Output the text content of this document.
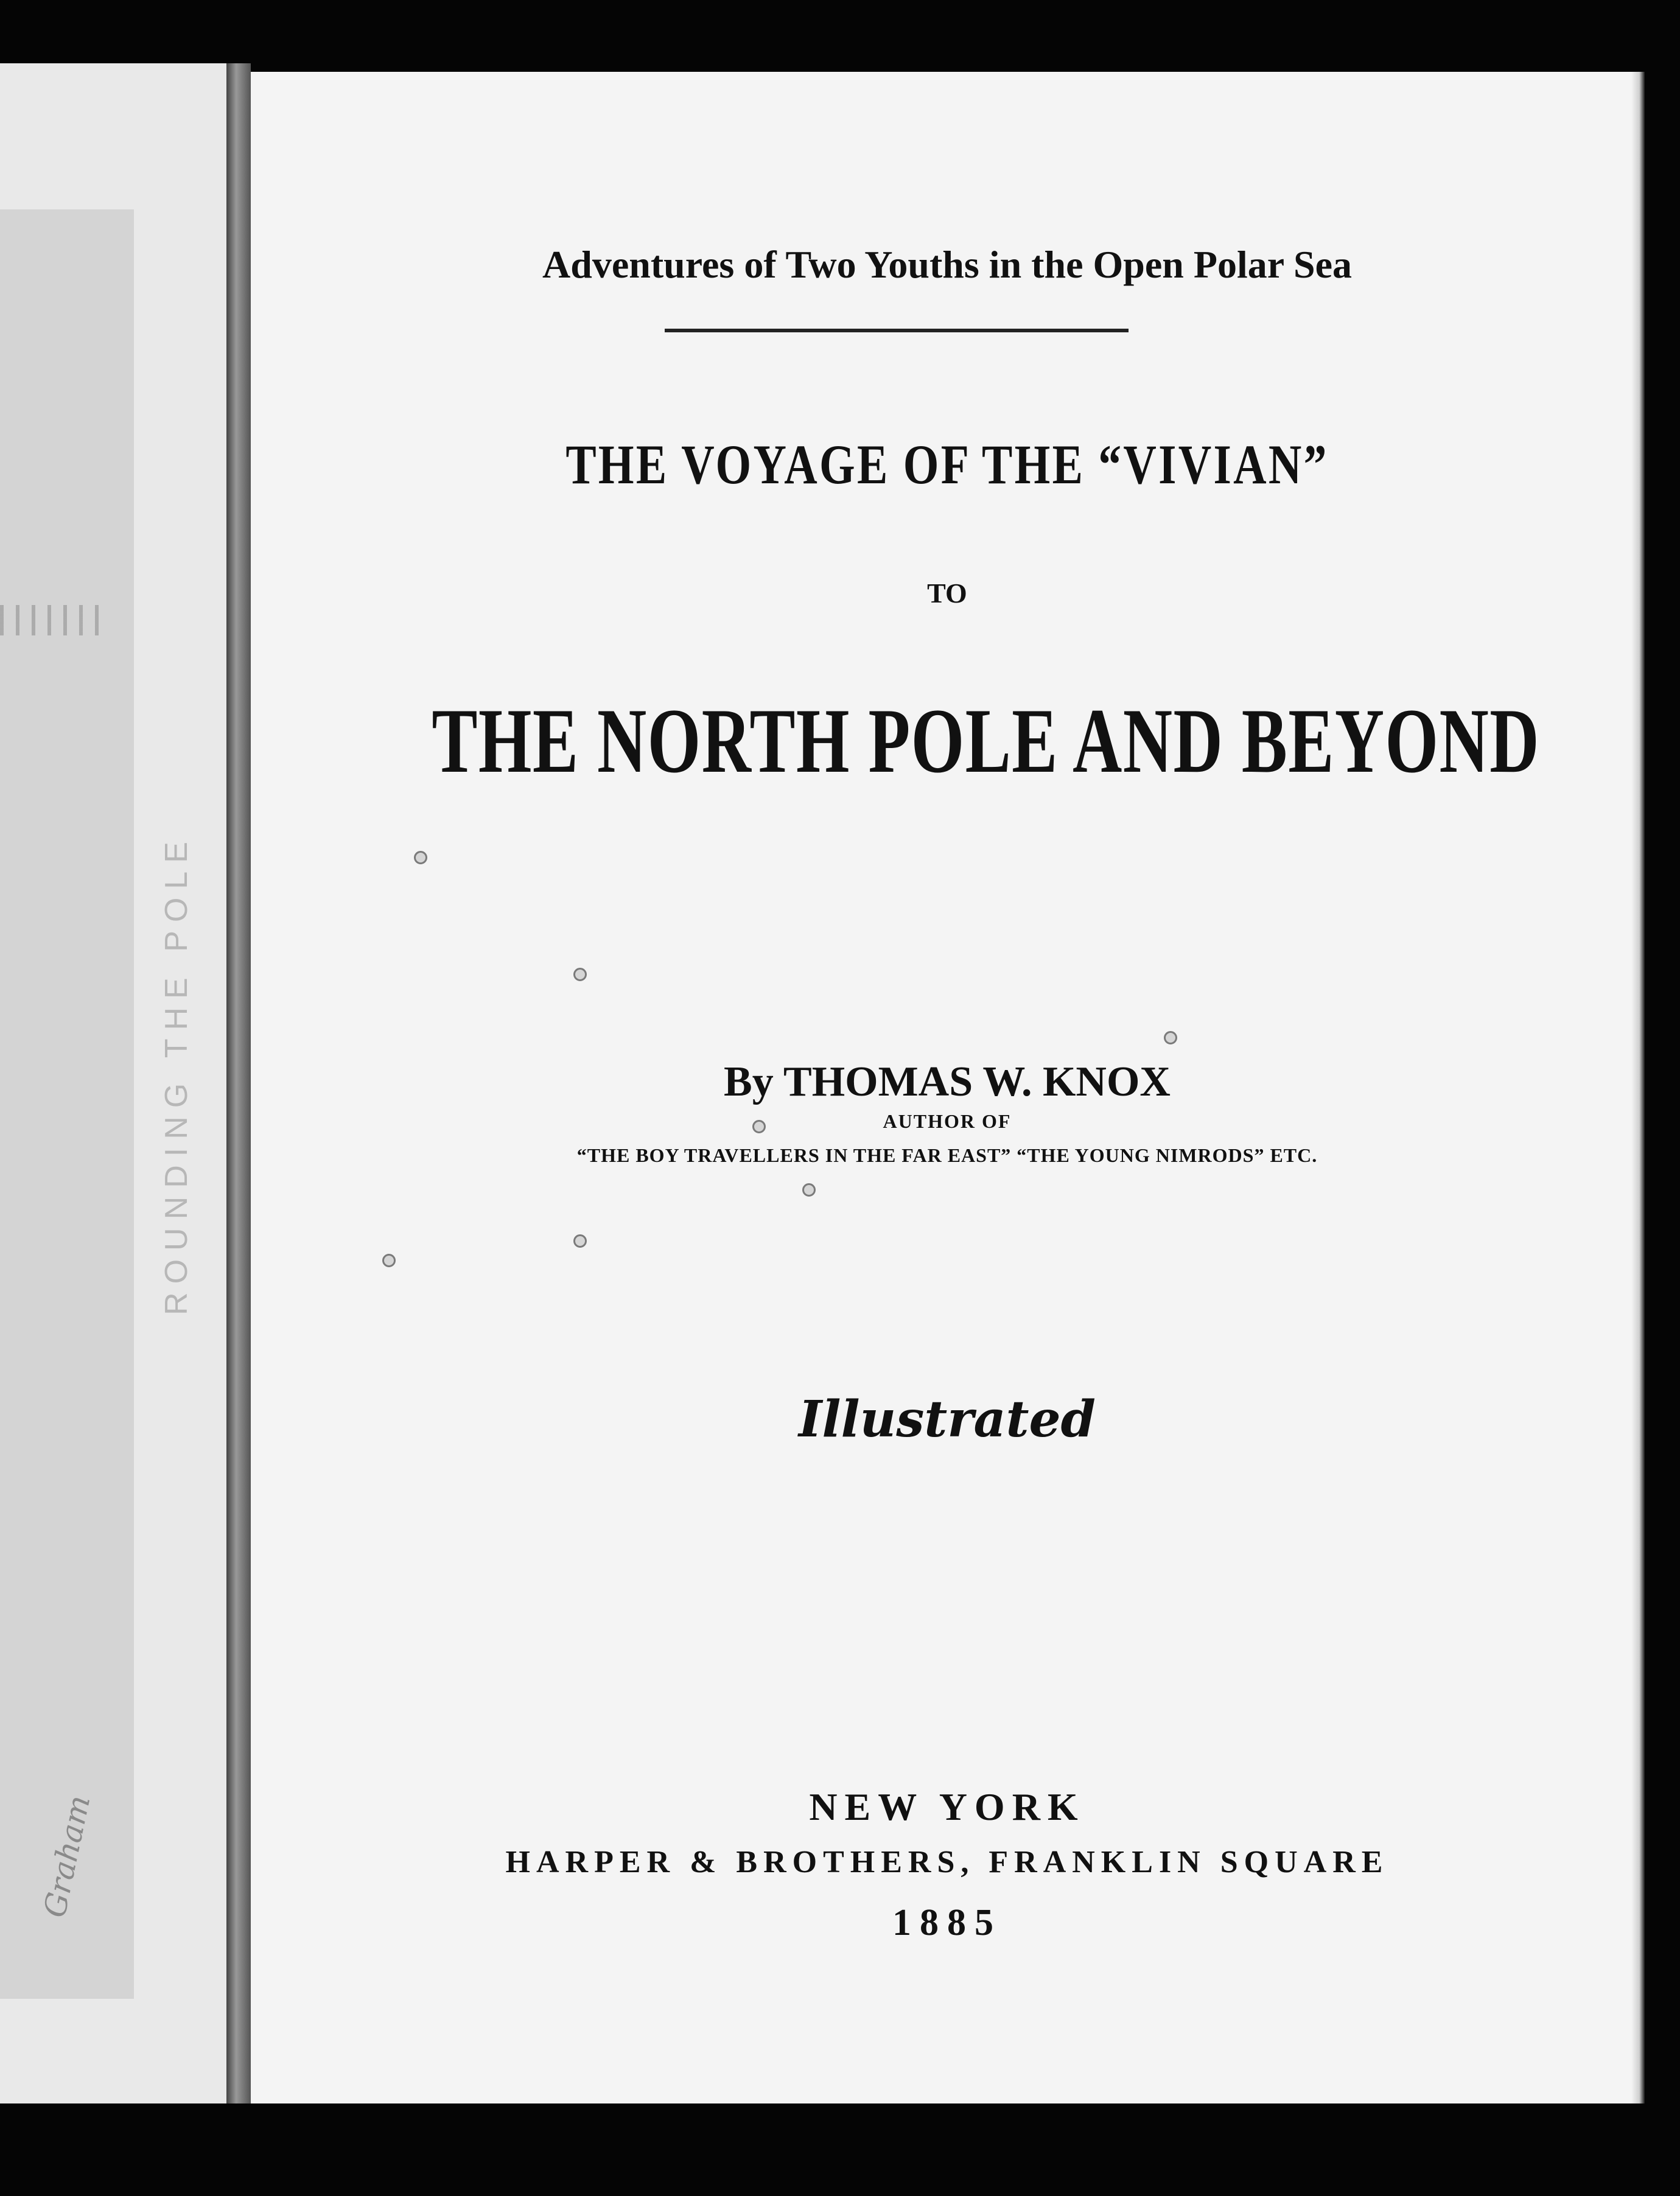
ROUNDING THE POLE
Graham
Adventures of Two Youths in the Open Polar Sea
THE VOYAGE OF THE “VIVIAN”
TO
THE NORTH POLE AND BEYOND
By THOMAS W. KNOX
AUTHOR OF
“THE BOY TRAVELLERS IN THE FAR EAST” “THE YOUNG NIMRODS” ETC.
Illustrated
NEW YORK
HARPER & BROTHERS, FRANKLIN SQUARE
1885
